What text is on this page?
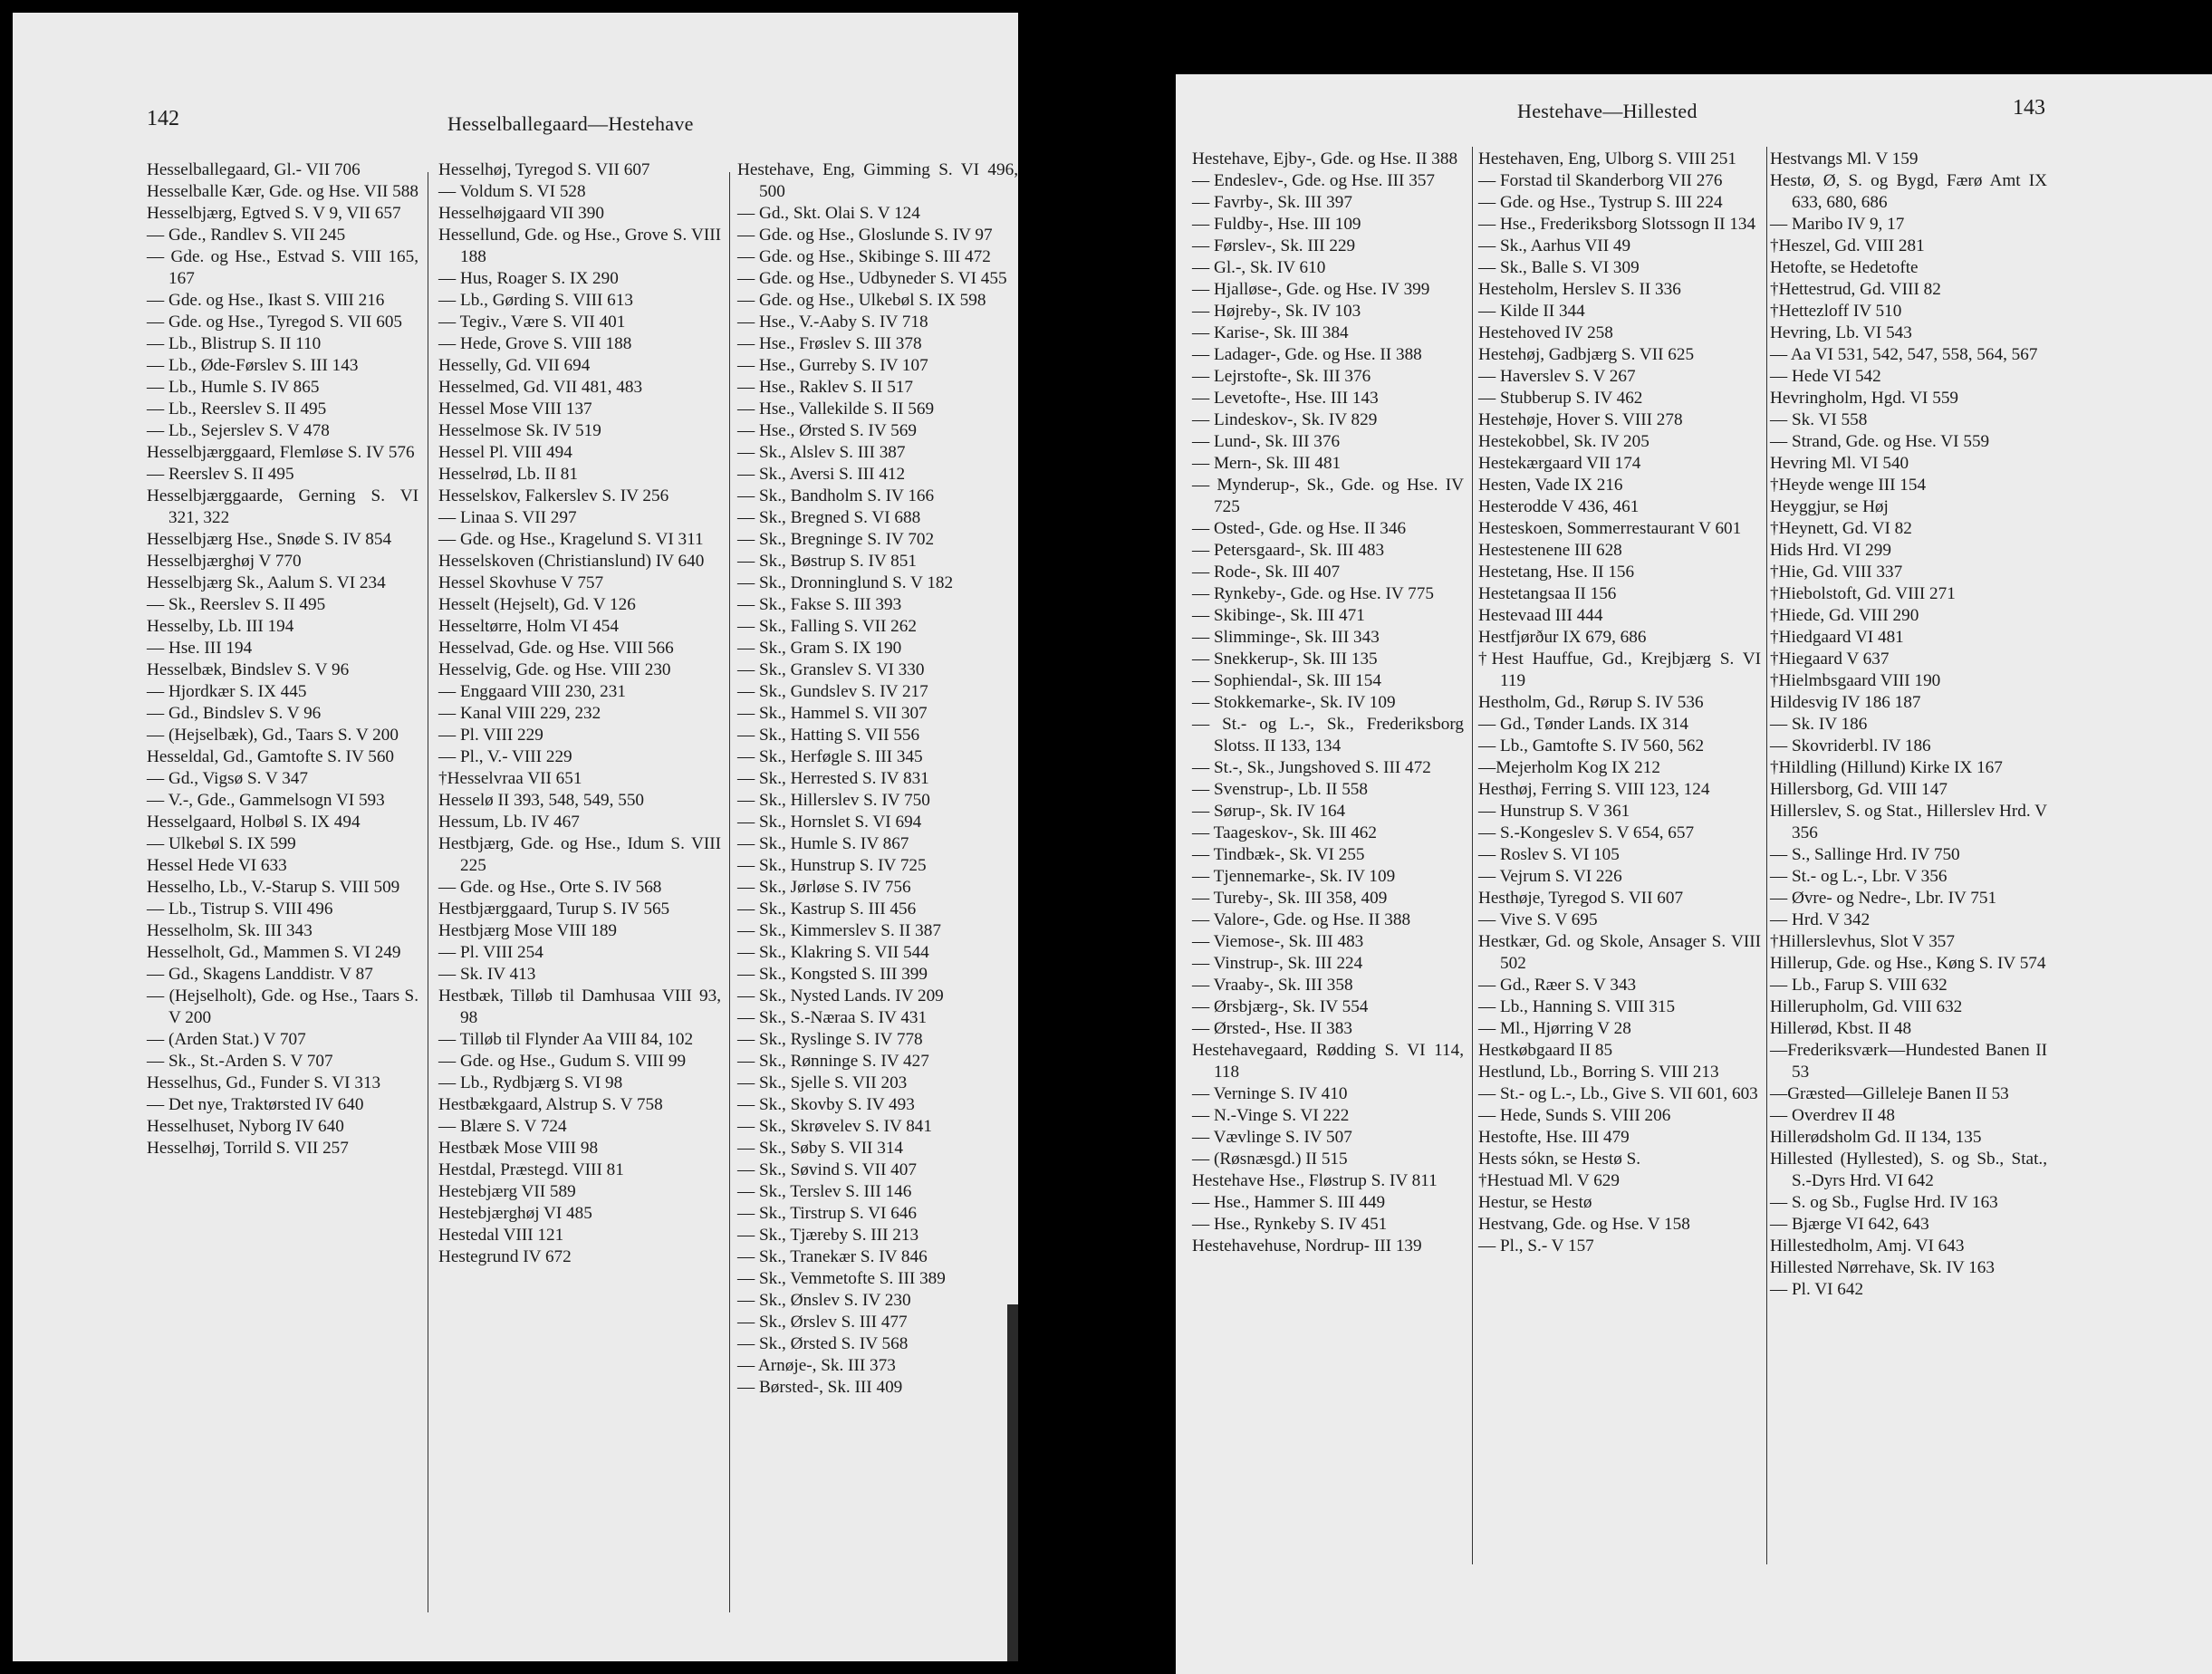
142	Hesselballegaard—Hestehave
Hesselballegaard, Gl.- VII 706
Hesselballe Kær, Gde. og Hse. VII 588
Hesselbjærg, Egtved S. V 9, VII 657
— Gde., Randlev S. VII 245
— Gde. og Hse., Estvad S. VIII 165, 167
— Gde. og Hse., Ikast S. VIII 216
— Gde. og Hse., Tyregod S. VII 605
— Lb., Blistrup S. II 110
— Lb., Øde-Førslev S. III 143
— Lb., Humle S. IV 865
— Lb., Reerslev S. II 495
— Lb., Sejerslev S. V 478
Hesselbjærggaard, Flemløse S. IV 576
— Reerslev S. II 495
Hesselbjærggaarde, Gerning S. VI 321, 322
Hesselbjærg Hse., Snøde S. IV 854
Hesselbjærghøj V 770
Hesselbjærg Sk., Aalum S. VI 234
— Sk., Reerslev S. II 495
Hesselby, Lb. III 194
— Hse. III 194
Hesselbæk, Bindslev S. V 96
— Hjordkær S. IX 445
— Gd., Bindslev S. V 96
— (Hejselbæk), Gd., Taars S. V 200
Hesseldal, Gd., Gamtofte S. IV 560
— Gd., Vigsø S. V 347
— V.-, Gde., Gammelsogn VI 593
Hesselgaard, Holbøl S. IX 494
— Ulkebøl S. IX 599
Hessel Hede VI 633
Hesselho, Lb., V.-Starup S. VIII 509
— Lb., Tistrup S. VIII 496
Hesselholm, Sk. III 343
Hesselholt, Gd., Mammen S. VI 249
— Gd., Skagens Landdistr. V 87
— (Hejselholt), Gde. og Hse., Taars S. V 200
— (Arden Stat.) V 707
— Sk., St.-Arden S. V 707
Hesselhus, Gd., Funder S. VI 313
— Det nye, Traktørsted IV 640
Hesselhuset, Nyborg IV 640
Hesselhøj, Torrild S. VII 257
Hesselhøj, Tyregod S. VII 607
— Voldum S. VI 528
Hesselhøjgaard VII 390
Hessellund, Gde. og Hse., Grove S. VIII 188
— Hus, Roager S. IX 290
— Lb., Gørding S. VIII 613
— Tegiv., Være S. VII 401
— Hede, Grove S. VIII 188
Hesselly, Gd. VII 694
Hesselmed, Gd. VII 481, 483
Hessel Mose VIII 137
Hesselmose Sk. IV 519
Hessel Pl. VIII 494
Hesselrød, Lb. II 81
Hesselskov, Falkerslev S. IV 256
— Linaa S. VII 297
— Gde. og Hse., Kragelund S. VI 311
Hesselskoven (Christianslund) IV 640
Hessel Skovhuse V 757
Hesselt (Hejselt), Gd. V 126
Hesseltørre, Holm VI 454
Hesselvad, Gde. og Hse. VIII 566
Hesselvig, Gde. og Hse. VIII 230
— Enggaard VIII 230, 231
— Kanal VIII 229, 232
— Pl. VIII 229
— Pl., V.- VIII 229
†Hesselvraa VII 651
Hesselø II 393, 548, 549, 550
Hessum, Lb. IV 467
Hestbjærg, Gde. og Hse., Idum S. VIII 225
— Gde. og Hse., Orte S. IV 568
Hestbjærggaard, Turup S. IV 565
Hestbjærg Mose VIII 189
— Pl. VIII 254
— Sk. IV 413
Hestbæk, Tilløb til Damhusaa VIII 93, 98
— Tilløb til Flynder Aa VIII 84, 102
— Gde. og Hse., Gudum S. VIII 99
— Lb., Rydbjærg S. VI 98
Hestbækgaard, Alstrup S. V 758
— Blære S. V 724
Hestbæk Mose VIII 98
Hestdal, Præstegd. VIII 81
Hestebjærg VII 589
Hestebjærghøj VI 485
Hestedal VIII 121
Hestegrund IV 672
Hestehave, Eng, Gimming S. VI 496, 500
— Gd., Skt. Olai S. V 124
— Gde. og Hse., Gloslunde S. IV 97
— Gde. og Hse., Skibinge S. III 472
— Gde. og Hse., Udbyneder S. VI 455
— Gde. og Hse., Ulkebøl S. IX 598
— Hse., V.-Aaby S. IV 718
— Hse., Frøslev S. III 378
— Hse., Gurreby S. IV 107
— Hse., Raklev S. II 517
— Hse., Vallekilde S. II 569
— Hse., Ørsted S. IV 569
— Sk., Alslev S. III 387
— Sk., Aversi S. III 412
— Sk., Bandholm S. IV 166
— Sk., Bregned S. VI 688
— Sk., Bregninge S. IV 702
— Sk., Bøstrup S. IV 851
— Sk., Dronninglund S. V 182
— Sk., Fakse S. III 393
— Sk., Falling S. VII 262
— Sk., Gram S. IX 190
— Sk., Granslev S. VI 330
— Sk., Gundslev S. IV 217
— Sk., Hammel S. VII 307
— Sk., Hatting S. VII 556
— Sk., Herføgle S. III 345
— Sk., Herrested S. IV 831
— Sk., Hillerslev S. IV 750
— Sk., Hornslet S. VI 694
— Sk., Humle S. IV 867
— Sk., Hunstrup S. IV 725
— Sk., Jørløse S. IV 756
— Sk., Kastrup S. III 456
— Sk., Kimmerslev S. II 387
— Sk., Klakring S. VII 544
— Sk., Kongsted S. III 399
— Sk., Nysted Lands. IV 209
— Sk., S.-Næraa S. IV 431
— Sk., Ryslinge S. IV 778
— Sk., Rønninge S. IV 427
— Sk., Sjelle S. VII 203
— Sk., Skovby S. IV 493
— Sk., Skrøvelev S. IV 841
— Sk., Søby S. VII 314
— Sk., Søvind S. VII 407
— Sk., Terslev S. III 146
— Sk., Tirstrup S. VI 646
— Sk., Tjæreby S. III 213
— Sk., Tranekær S. IV 846
— Sk., Vemmetofte S. III 389
— Sk., Ønslev S. IV 230
— Sk., Ørslev S. III 477
— Sk., Ørsted S. IV 568
— Arnøje-, Sk. III 373
— Børsted-, Sk. III 409
Hestehave—Hillested	143
Hestehave, Ejby-, Gde. og Hse. II 388
— Endeslev-, Gde. og Hse. III 357
— Favrby-, Sk. III 397
— Fuldby-, Hse. III 109
— Førslev-, Sk. III 229
— Gl.-, Sk. IV 610
— Hjalløse-, Gde. og Hse. IV 399
— Højreby-, Sk. IV 103
— Karise-, Sk. III 384
— Ladager-, Gde. og Hse. II 388
— Lejrstofte-, Sk. III 376
— Levetofte-, Hse. III 143
— Lindeskov-, Sk. IV 829
— Lund-, Sk. III 376
— Mern-, Sk. III 481
— Mynderup-, Sk., Gde. og Hse. IV 725
— Osted-, Gde. og Hse. II 346
— Petersgaard-, Sk. III 483
— Rode-, Sk. III 407
— Rynkeby-, Gde. og Hse. IV 775
— Skibinge-, Sk. III 471
— Slimminge-, Sk. III 343
— Snekkerup-, Sk. III 135
— Sophiendal-, Sk. III 154
— Stokkemarke-, Sk. IV 109
— St.- og L.-, Sk., Frederiksborg Slotss. II 133, 134
— St.-, Sk., Jungshoved S. III 472
— Svenstrup-, Lb. II 558
— Sørup-, Sk. IV 164
— Taageskov-, Sk. III 462
— Tindbæk-, Sk. VI 255
— Tjennemarke-, Sk. IV 109
— Tureby-, Sk. III 358, 409
— Valore-, Gde. og Hse. II 388
— Viemose-, Sk. III 483
— Vinstrup-, Sk. III 224
— Vraaby-, Sk. III 358
— Ørsbjærg-, Sk. IV 554
— Ørsted-, Hse. II 383
Hestehavegaard, Rødding S. VI 114, 118
— Verninge S. IV 410
— N.-Vinge S. VI 222
— Vævlinge S. IV 507
— (Røsnæsgd.) II 515
Hestehave Hse., Fløstrup S. IV 811
— Hse., Hammer S. III 449
— Hse., Rynkeby S. IV 451
Hestehavehuse, Nordrup- III 139
Hestehaven, Eng, Ulborg S. VIII 251
— Forstad til Skanderborg VII 276
— Gde. og Hse., Tystrup S. III 224
— Hse., Frederiksborg Slotssogn II 134
— Sk., Aarhus VII 49
— Sk., Balle S. VI 309
Hesteholm, Herslev S. II 336
— Kilde II 344
Hestehoved IV 258
Hestehøj, Gadbjærg S. VII 625
— Haverslev S. V 267
— Stubberup S. IV 462
Hestehøje, Hover S. VIII 278
Hestekobbel, Sk. IV 205
Hestekærgaard VII 174
Hesten, Vade IX 216
Hesterodde V 436, 461
Hesteskoen, Sommerrestaurant V 601
Hestestenene III 628
Hestetang, Hse. II 156
Hestetangsaa II 156
Hestevaad III 444
Hestfjørður IX 679, 686
†Hest Hauffue, Gd., Krejbjærg S. VI 119
Hestholm, Gd., Rørup S. IV 536
— Gd., Tønder Lands. IX 314
— Lb., Gamtofte S. IV 560, 562
—Mejerholm Kog IX 212
Hesthøj, Ferring S. VIII 123, 124
— Hunstrup S. V 361
— S.-Kongeslev S. V 654, 657
— Roslev S. VI 105
— Vejrum S. VI 226
Hesthøje, Tyregod S. VII 607
— Vive S. V 695
Hestkær, Gd. og Skole, Ansager S. VIII 502
— Gd., Ræer S. V 343
— Lb., Hanning S. VIII 315
— Ml., Hjørring V 28
Hestkøbgaard II 85
Hestlund, Lb., Borring S. VIII 213
— St.- og L.-, Lb., Give S. VII 601, 603
— Hede, Sunds S. VIII 206
Hestofte, Hse. III 479
Hests sókn, se Hestø S.
†Hestuad Ml. V 629
Hestur, se Hestø
Hestvang, Gde. og Hse. V 158
— Pl., S.- V 157
Hestvangs Ml. V 159
Hestø, Ø, S. og Bygd, Færø Amt IX 633, 680, 686
— Maribo IV 9, 17
†Heszel, Gd. VIII 281
Hetofte, se Hedetofte
†Hettestrud, Gd. VIII 82
†Hettezloff IV 510
Hevring, Lb. VI 543
— Aa VI 531, 542, 547, 558, 564, 567
— Hede VI 542
Hevringholm, Hgd. VI 559
— Sk. VI 558
— Strand, Gde. og Hse. VI 559
Hevring Ml. VI 540
†Heyde wenge III 154
Heyggjur, se Høj
†Heynett, Gd. VI 82
Hids Hrd. VI 299
†Hie, Gd. VIII 337
†Hiebolstoft, Gd. VIII 271
†Hiede, Gd. VIII 290
†Hiedgaard VI 481
†Hiegaard V 637
†Hielmbsgaard VIII 190
Hildesvig IV 186 187
— Sk. IV 186
— Skovriderbl. IV 186
†Hildling (Hillund) Kirke IX 167
Hillersborg, Gd. VIII 147
Hillerslev, S. og Stat., Hillerslev Hrd. V 356
— S., Sallinge Hrd. IV 750
— St.- og L.-, Lbr. V 356
— Øvre- og Nedre-, Lbr. IV 751
— Hrd. V 342
†Hillerslevhus, Slot V 357
Hillerup, Gde. og Hse., Køng S. IV 574
— Lb., Farup S. VIII 632
Hillerupholm, Gd. VIII 632
Hillerød, Kbst. II 48
—Frederiksværk—Hundested Banen II 53
—Græsted—Gilleleje Banen II 53
— Overdrev II 48
Hillerødsholm Gd. II 134, 135
Hillested (Hyllested), S. og Sb., Stat., S.-Dyrs Hrd. VI 642
— S. og Sb., Fuglse Hrd. IV 163
— Bjærge VI 642, 643
Hillestedholm, Amj. VI 643
Hillested Nørrehave, Sk. IV 163
— Pl. VI 642
